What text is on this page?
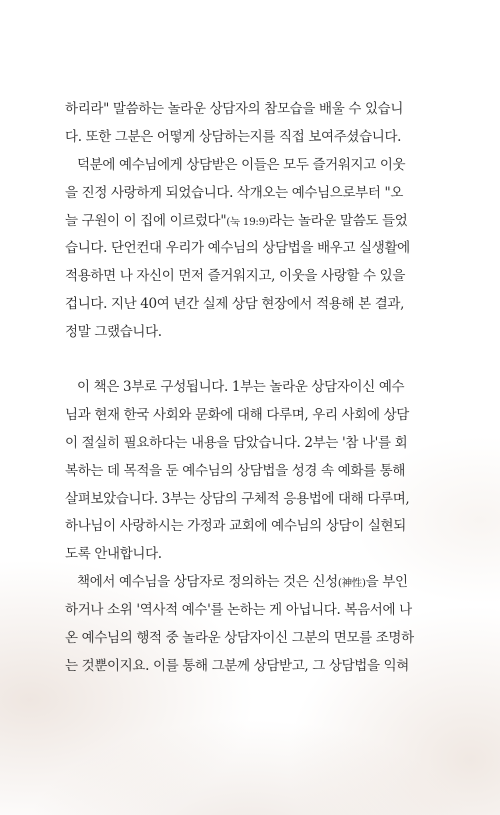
하리라" 말씀하는 놀라운 상담자의 참모습을 배울 수 있습니
다. 또한 그분은 어떻게 상담하는지를 직접 보여주셨습니다.
덕분에 예수님에게 상담받은 이들은 모두 즐거워지고 이웃
을 진정 사랑하게 되었습니다. 삭개오는 예수님으로부터 "오
늘 구원이 이 집에 이르렀다"(눅 19:9)라는 놀라운 말씀도 들었
습니다. 단언컨대 우리가 예수님의 상담법을 배우고 실생활에
적용하면 나 자신이 먼저 즐거워지고, 이웃을 사랑할 수 있을
겁니다. 지난 40여 년간 실제 상담 현장에서 적용해 본 결과,
정말 그랬습니다.
이 책은 3부로 구성됩니다. 1부는 놀라운 상담자이신 예수
님과 현재 한국 사회와 문화에 대해 다루며, 우리 사회에 상담
이 절실히 필요하다는 내용을 담았습니다. 2부는 '참 나'를 회
복하는 데 목적을 둔 예수님의 상담법을 성경 속 예화를 통해
살펴보았습니다. 3부는 상담의 구체적 응용법에 대해 다루며,
하나님이 사랑하시는 가정과 교회에 예수님의 상담이 실현되
도록 안내합니다.
책에서 예수님을 상담자로 정의하는 것은 신성(神性)을 부인
하거나 소위 '역사적 예수'를 논하는 게 아닙니다. 복음서에 나
온 예수님의 행적 중 놀라운 상담자이신 그분의 면모를 조명하
는 것뿐이지요. 이를 통해 그분께 상담받고, 그 상담법을 익혀
